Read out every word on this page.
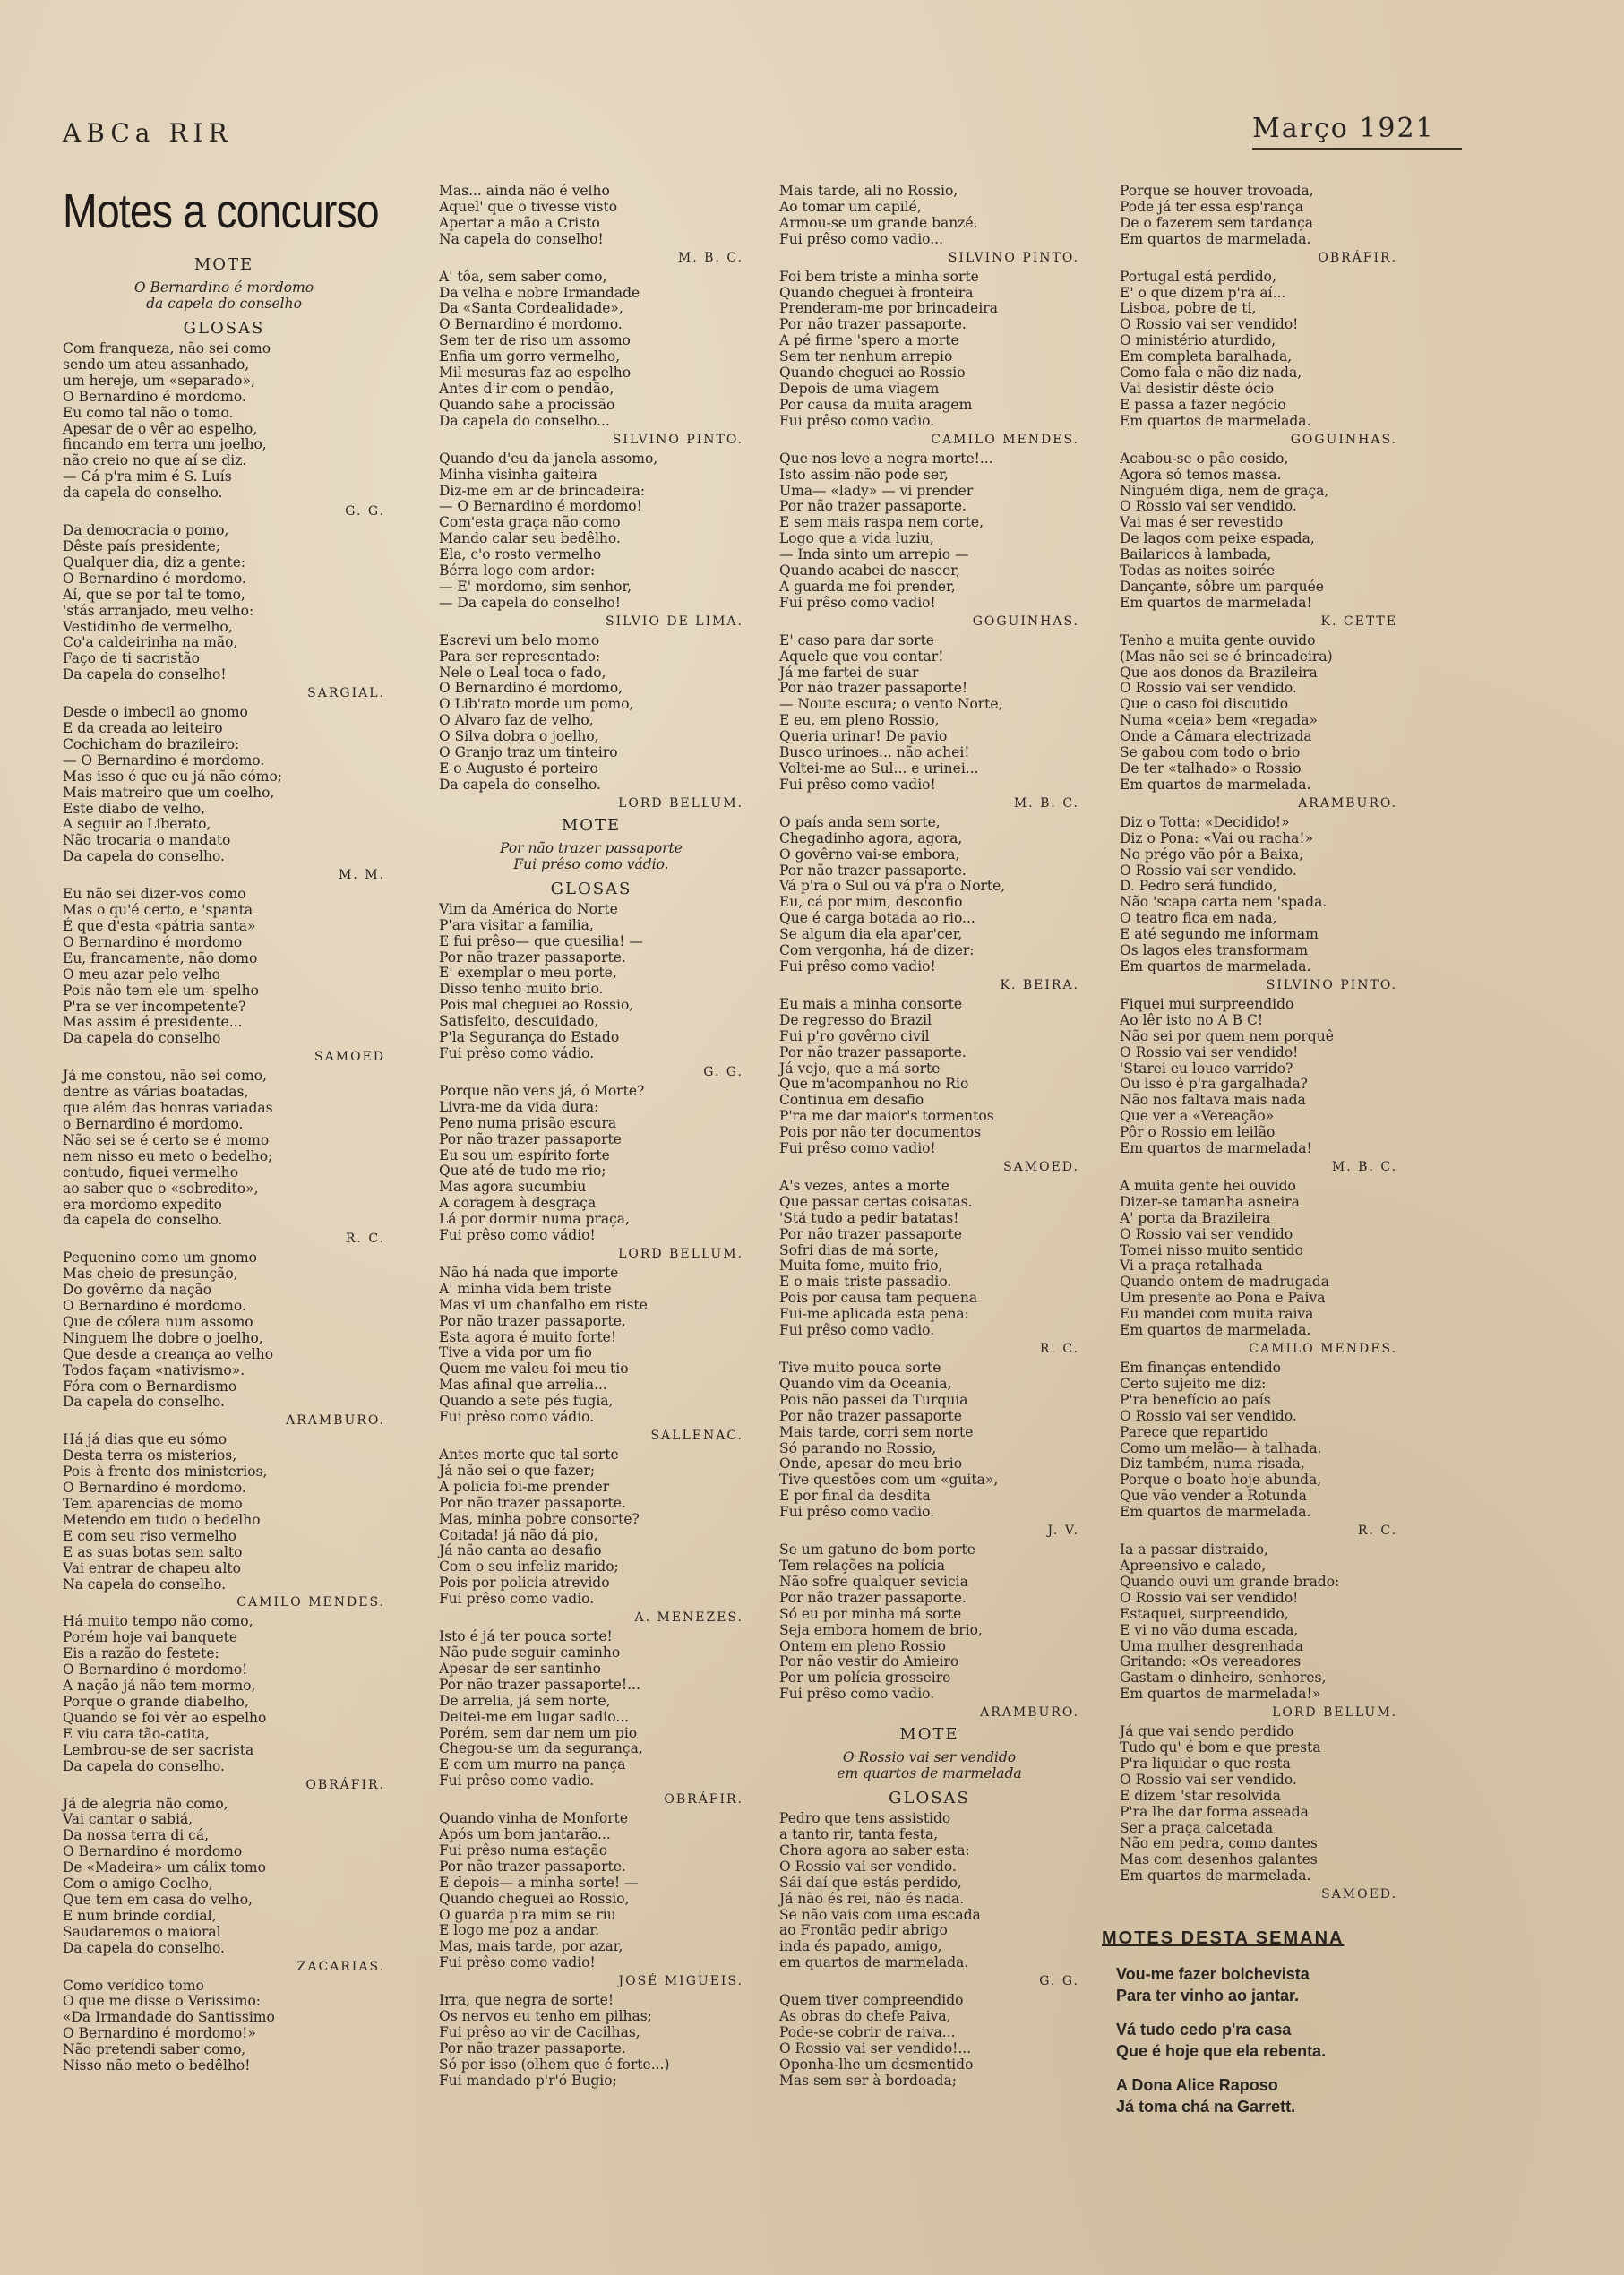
ABCa RIR	Março 1921
Motes a concurso
MOTE
O Bernardino é mordomo
da capela do conselho
GLOSAS
Com franqueza, não sei como
sendo um ateu assanhado,
um hereje, um «separado»,
O Bernardino é mordomo.
Eu como tal não o tomo.
Apesar de o vêr ao espelho,
fincando em terra um joelho,
não creio no que aí se diz.
— Cá p'ra mim é S. Luís
da capela do conselho.
G. G.
Da democracia o pomo,
Dêste país presidente;
Qualquer dia, diz a gente:
O Bernardino é mordomo.
Aí, que se por tal te tomo,
'stás arranjado, meu velho:
Vestidinho de vermelho,
Co'a caldeirinha na mão,
Faço de ti sacristão
Da capela do conselho!
SARGIAL.
Desde o imbecil ao gnomo
E da creada ao leiteiro
Cochicham do brazileiro:
— O Bernardino é mordomo.
Mas isso é que eu já não cómo;
Mais matreiro que um coelho,
Este diabo de velho,
A seguir ao Liberato,
Não trocaria o mandato
Da capela do conselho.
M. M.
Eu não sei dizer-vos como
Mas o qu'é certo, e 'spanta
É que d'esta «pátria santa»
O Bernardino é mordomo
Eu, francamente, não domo
O meu azar pelo velho
Pois não tem ele um 'spelho
P'ra se ver incompetente?
Mas assim é presidente...
Da capela do conselho
SAMOED
Já me constou, não sei como,
dentre as várias boatadas,
que além das honras variadas
o Bernardino é mordomo.
Não sei se é certo se é momo
nem nisso eu meto o bedelho;
contudo, fiquei vermelho
ao saber que o «sobredito»,
era mordomo expedito
da capela do conselho.
R. C.
Pequenino como um gnomo
Mas cheio de presunção,
Do govêrno da nação
O Bernardino é mordomo.
Que de cólera num assomo
Ninguem lhe dobre o joelho,
Que desde a creança ao velho
Todos façam «nativismo».
Fóra com o Bernardismo
Da capela do conselho.
ARAMBURO.
Há já dias que eu sómo
Desta terra os misterios,
Pois à frente dos ministerios,
O Bernardino é mordomo.
Tem aparencias de momo
Metendo em tudo o bedelho
E com seu riso vermelho
E as suas botas sem salto
Vai entrar de chapeu alto
Na capela do conselho.
CAMILO MENDES.
Há muito tempo não como,
Porém hoje vai banquete
Eis a razão do festete:
O Bernardino é mordomo!
A nação já não tem mormo,
Porque o grande diabelho,
Quando se foi vêr ao espelho
E viu cara tão-catita,
Lembrou-se de ser sacrista
Da capela do conselho.
OBRÁFIR.
Já de alegria não como,
Vai cantar o sabiá,
Da nossa terra di cá,
O Bernardino é mordomo
De «Madeira» um cálix tomo
Com o amigo Coelho,
Que tem em casa do velho,
E num brinde cordial,
Saudaremos o maioral
Da capela do conselho.
ZACARIAS.
Como verídico tomo
O que me disse o Verissimo:
«Da Irmandade do Santissimo
O Bernardino é mordomo!»
Não pretendi saber como,
Nisso não meto o bedêlho!
Mas... ainda não é velho
Aquel' que o tivesse visto
Apertar a mão a Cristo
Na capela do conselho!
M. B. C.
A' tôa, sem saber como,
Da velha e nobre Irmandade
Da «Santa Cordealidade»,
O Bernardino é mordomo.
Sem ter de riso um assomo
Enfia um gorro vermelho,
Mil mesuras faz ao espelho
Antes d'ir com o pendão,
Quando sahe a procissão
Da capela do conselho...
SILVINO PINTO.
Quando d'eu da janela assomo,
Minha visinha gaiteira
Diz-me em ar de brincadeira:
— O Bernardino é mordomo!
Com'esta graça não como
Mando calar seu bedêlho.
Ela, c'o rosto vermelho
Bérra logo com ardor:
— E' mordomo, sim senhor,
— Da capela do conselho!
SILVIO DE LIMA.
Escrevi um belo momo
Para ser representado:
Nele o Leal toca o fado,
O Bernardino é mordomo,
O Lib'rato morde um pomo,
O Alvaro faz de velho,
O Silva dobra o joelho,
O Granjo traz um tinteiro
E o Augusto é porteiro
Da capela do conselho.
LORD BELLUM.
MOTE
Por não trazer passaporte
Fui prêso como vádio.
GLOSAS
Vim da América do Norte
P'ara visitar a familia,
E fui prêso— que quesilia! —
Por não trazer passaporte.
E' exemplar o meu porte,
Disso tenho muito brio.
Pois mal cheguei ao Rossio,
Satisfeito, descuidado,
P'la Segurança do Estado
Fui prêso como vádio.
G. G.
Porque não vens já, ó Morte?
Livra-me da vida dura:
Peno numa prisão escura
Por não trazer passaporte
Eu sou um espírito forte
Que até de tudo me rio;
Mas agora sucumbiu
A coragem à desgraça
Lá por dormir numa praça,
Fui prêso como vádio!
LORD BELLUM.
Não há nada que importe
A' minha vida bem triste
Mas vi um chanfalho em riste
Por não trazer passaporte,
Esta agora é muito forte!
Tive a vida por um fio
Quem me valeu foi meu tio
Mas afinal que arrelia...
Quando a sete pés fugia,
Fui prêso como vádio.
SALLENAC.
Antes morte que tal sorte
Já não sei o que fazer;
A policia foi-me prender
Por não trazer passaporte.
Mas, minha pobre consorte?
Coitada! já não dá pio,
Já não canta ao desafio
Com o seu infeliz marido;
Pois por policia atrevido
Fui prêso como vadio.
A. MENEZES.
Isto é já ter pouca sorte!
Não pude seguir caminho
Apesar de ser santinho
Por não trazer passaporte!...
De arrelia, já sem norte,
Deitei-me em lugar sadio...
Porém, sem dar nem um pio
Chegou-se um da segurança,
E com um murro na pança
Fui prêso como vadio.
OBRÁFIR.
Quando vinha de Monforte
Após um bom jantarão...
Fui prêso numa estação
Por não trazer passaporte.
E depois— a minha sorte! —
Quando cheguei ao Rossio,
O guarda p'ra mim se riu
E logo me poz a andar.
Mas, mais tarde, por azar,
Fui prêso como vadio!
JOSÉ MIGUEIS.
Irra, que negra de sorte!
Os nervos eu tenho em pilhas;
Fui prêso ao vir de Cacilhas,
Por não trazer passaporte.
Só por isso (olhem que é forte...)
Fui mandado p'r'ó Bugio;
Mais tarde, ali no Rossio,
Ao tomar um capilé,
Armou-se um grande banzé.
Fui prêso como vadio...
SILVINO PINTO.
Foi bem triste a minha sorte
Quando cheguei à fronteira
Prenderam-me por brincadeira
Por não trazer passaporte.
A pé firme 'spero a morte
Sem ter nenhum arrepio
Quando cheguei ao Rossio
Depois de uma viagem
Por causa da muita aragem
Fui prêso como vadio.
CAMILO MENDES.
Que nos leve a negra morte!...
Isto assim não pode ser,
Uma— «lady» — vi prender
Por não trazer passaporte.
E sem mais raspa nem corte,
Logo que a vida luziu,
— Inda sinto um arrepio —
Quando acabei de nascer,
A guarda me foi prender,
Fui prêso como vadio!
GOGUINHAS.
E' caso para dar sorte
Aquele que vou contar!
Já me fartei de suar
Por não trazer passaporte!
— Noute escura; o vento Norte,
E eu, em pleno Rossio,
Queria urinar! De pavio
Busco urinoes... não achei!
Voltei-me ao Sul... e urinei...
Fui prêso como vadio!
M. B. C.
O país anda sem sorte,
Chegadinho agora, agora,
O govêrno vai-se embora,
Por não trazer passaporte.
Vá p'ra o Sul ou vá p'ra o Norte,
Eu, cá por mim, desconfio
Que é carga botada ao rio...
Se algum dia ela apar'cer,
Com vergonha, há de dizer:
Fui prêso como vadio!
K. BEIRA.
Eu mais a minha consorte
De regresso do Brazil
Fui p'ro govêrno civil
Por não trazer passaporte.
Já vejo, que a má sorte
Que m'acompanhou no Rio
Continua em desafio
P'ra me dar maior's tormentos
Pois por não ter documentos
Fui prêso como vadio!
SAMOED.
A's vezes, antes a morte
Que passar certas coisatas.
'Stá tudo a pedir batatas!
Por não trazer passaporte
Sofri dias de má sorte,
Muita fome, muito frio,
E o mais triste passadio.
Pois por causa tam pequena
Fui-me aplicada esta pena:
Fui prêso como vadio.
R. C.
Tive muito pouca sorte
Quando vim da Oceania,
Pois não passei da Turquia
Por não trazer passaporte
Mais tarde, corri sem norte
Só parando no Rossio,
Onde, apesar do meu brio
Tive questões com um «guita»,
E por final da desdita
Fui prêso como vadio.
J. V.
Se um gatuno de bom porte
Tem relações na polícia
Não sofre qualquer sevicia
Por não trazer passaporte.
Só eu por minha má sorte
Seja embora homem de brio,
Ontem em pleno Rossio
Por não vestir do Amieiro
Por um polícia grosseiro
Fui prêso como vadio.
ARAMBURO.
MOTE
O Rossio vai ser vendido
em quartos de marmelada
GLOSAS
Pedro que tens assistido
a tanto rir, tanta festa,
Chora agora ao saber esta:
O Rossio vai ser vendido.
Sái daí que estás perdido,
Já não és rei, não és nada.
Se não vais com uma escada
ao Frontão pedir abrigo
inda és papado, amigo,
em quartos de marmelada.
G. G.
Quem tiver compreendido
As obras do chefe Paiva,
Pode-se cobrir de raiva...
O Rossio vai ser vendido!...
Oponha-lhe um desmentido
Mas sem ser à bordoada;
Porque se houver trovoada,
Pode já ter essa esp'rança
De o fazerem sem tardança
Em quartos de marmelada.
OBRÁFIR.
Portugal está perdido,
E' o que dizem p'ra aí...
Lisboa, pobre de ti,
O Rossio vai ser vendido!
O ministério aturdido,
Em completa baralhada,
Como fala e não diz nada,
Vai desistir dêste ócio
E passa a fazer negócio
Em quartos de marmelada.
GOGUINHAS.
Acabou-se o pão cosido,
Agora só temos massa.
Ninguém diga, nem de graça,
O Rossio vai ser vendido.
Vai mas é ser revestido
De lagos com peixe espada,
Bailaricos à lambada,
Todas as noites soirée
Dançante, sôbre um parquée
Em quartos de marmelada!
K. CETTE
Tenho a muita gente ouvido
(Mas não sei se é brincadeira)
Que aos donos da Brazileira
O Rossio vai ser vendido.
Que o caso foi discutido
Numa «ceia» bem «regada»
Onde a Câmara electrizada
Se gabou com todo o brio
De ter «talhado» o Rossio
Em quartos de marmelada.
ARAMBURO.
Diz o Totta: «Decidido!»
Diz o Pona: «Vai ou racha!»
No prégo vão pôr a Baixa,
O Rossio vai ser vendido.
D. Pedro será fundido,
Não 'scapa carta nem 'spada.
O teatro fica em nada,
E até segundo me informam
Os lagos eles transformam
Em quartos de marmelada.
SILVINO PINTO.
Fiquei mui surpreendido
Ao lêr isto no A B C!
Não sei por quem nem porquê
O Rossio vai ser vendido!
'Starei eu louco varrido?
Ou isso é p'ra gargalhada?
Não nos faltava mais nada
Que ver a «Vereação»
Pôr o Rossio em leilão
Em quartos de marmelada!
M. B. C.
A muita gente hei ouvido
Dizer-se tamanha asneira
A' porta da Brazileira
O Rossio vai ser vendido
Tomei nisso muito sentido
Vi a praça retalhada
Quando ontem de madrugada
Um presente ao Pona e Paiva
Eu mandei com muita raiva
Em quartos de marmelada.
CAMILO MENDES.
Em finanças entendido
Certo sujeito me diz:
P'ra benefício ao país
O Rossio vai ser vendido.
Parece que repartido
Como um melão— à talhada.
Diz também, numa risada,
Porque o boato hoje abunda,
Que vão vender a Rotunda
Em quartos de marmelada.
R. C.
Ia a passar distraido,
Apreensivo e calado,
Quando ouvi um grande brado:
O Rossio vai ser vendido!
Estaquei, surpreendido,
E vi no vão duma escada,
Uma mulher desgrenhada
Gritando: «Os vereadores
Gastam o dinheiro, senhores,
Em quartos de marmelada!»
LORD BELLUM.
Já que vai sendo perdido
Tudo qu' é bom e que presta
P'ra liquidar o que resta
O Rossio vai ser vendido.
E dizem 'star resolvida
P'ra lhe dar forma asseada
Ser a praça calcetada
Não em pedra, como dantes
Mas com desenhos galantes
Em quartos de marmelada.
SAMOED.
MOTES DESTA SEMANA
Vou-me fazer bolchevista
Para ter vinho ao jantar.
Vá tudo cedo p'ra casa
Que é hoje que ela rebenta.
A Dona Alice Raposo
Já toma chá na Garrett.
